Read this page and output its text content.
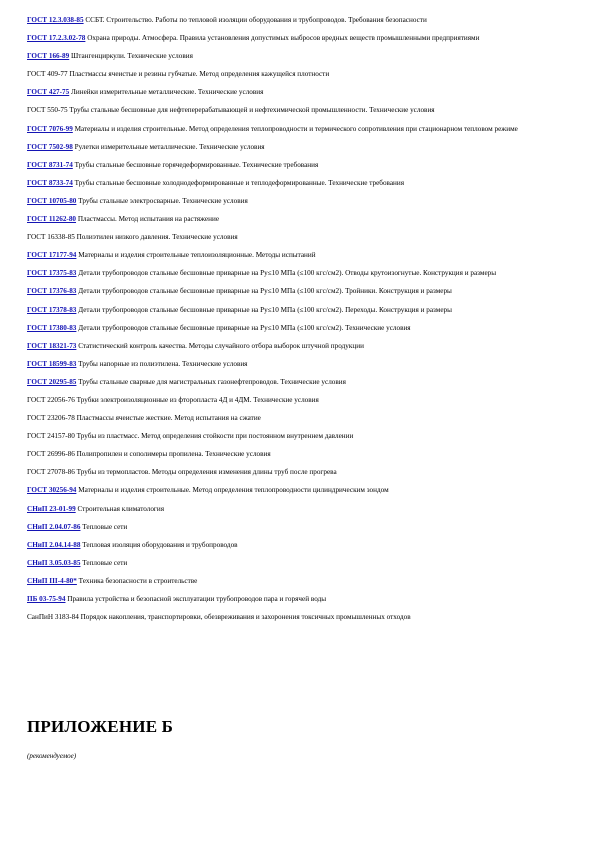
ГОСТ 12.3.038-85 ССБТ. Строительство. Работы по тепловой изоляции оборудования и трубопроводов. Требования безопасности

ГОСТ 17.2.3.02-78 Охрана природы. Атмосфера. Правила установления допустимых выбросов вредных веществ промышленными предприятиями

ГОСТ 166-89 Штангенциркули. Технические условия

ГОСТ 409-77 Пластмассы ячеистые и резины губчатые. Метод определения кажущейся плотности

ГОСТ 427-75 Линейки измерительные металлические. Технические условия

ГОСТ 550-75 Трубы стальные бесшовные для нефтеперерабатывающей и нефтехимической промышленности. Технические условия

ГОСТ 7076-99 Материалы и изделия строительные. Метод определения теплопроводности и термического сопротивления при стационарном тепловом режиме

ГОСТ 7502-98 Рулетки измерительные металлические. Технические условия

ГОСТ 8731-74 Трубы стальные бесшовные горячедеформированные. Технические требования

ГОСТ 8733-74 Трубы стальные бесшовные холоднодеформированные и теплодеформированные. Технические требования

ГОСТ 10705-80 Трубы стальные электросварные. Технические условия

ГОСТ 11262-80 Пластмассы. Метод испытания на растяжение

ГОСТ 16338-85 Полиэтилен низкого давления. Технические условия

ГОСТ 17177-94 Материалы и изделия строительные теплоизоляционные. Методы испытаний

ГОСТ 17375-83 Детали трубопроводов стальные бесшовные приварные на Ру≤10 МПа (≤100 кгс/см2). Отводы крутоизогнутые. Конструкция и размеры

ГОСТ 17376-83 Детали трубопроводов стальные бесшовные приварные на Ру≤10 МПа (≤100 кгс/см2). Тройники. Конструкция и размеры

ГОСТ 17378-83 Детали трубопроводов стальные бесшовные приварные на Ру≤10 МПа (≤100 кгс/см2). Переходы. Конструкция и размеры

ГОСТ 17380-83 Детали трубопроводов стальные бесшовные приварные на Ру≤10 МПа (≤100 кгс/см2). Технические условия

ГОСТ 18321-73 Статистический контроль качества. Методы случайного отбора выборок штучной продукции

ГОСТ 18599-83 Трубы напорные из полиэтилена. Технические условия

ГОСТ 20295-85 Трубы стальные сварные для магистральных газонефтепроводов. Технические условия

ГОСТ 22056-76 Трубки электроизоляционные из фторопласта 4Д и 4ДМ. Технические условия

ГОСТ 23206-78 Пластмассы ячеистые жесткие. Метод испытания на сжатие

ГОСТ 24157-80 Трубы из пластмасс. Метод определения стойкости при постоянном внутреннем давлении

ГОСТ 26996-86 Полипропилен и сополимеры пропилена. Технические условия

ГОСТ 27078-86 Трубы из термопластов. Методы определения изменения длины труб после прогрева

ГОСТ 30256-94 Материалы и изделия строительные. Метод определения теплопроводности цилиндрическим зондом

СНиП 23-01-99 Строительная климатология

СНиП 2.04.07-86 Тепловые сети

СНиП 2.04.14-88 Тепловая изоляция оборудования и трубопроводов

СНиП 3.05.03-85 Тепловые сети

СНиП III-4-80* Техника безопасности в строительстве

ПБ 03-75-94 Правила устройства и безопасной эксплуатации трубопроводов пара и горячей воды

СанПиН 3183-84 Порядок накопления, транспортировки, обезвреживания и захоронения токсичных промышленных отходов

ПРИЛОЖЕНИЕ Б

(рекомендуемое)
